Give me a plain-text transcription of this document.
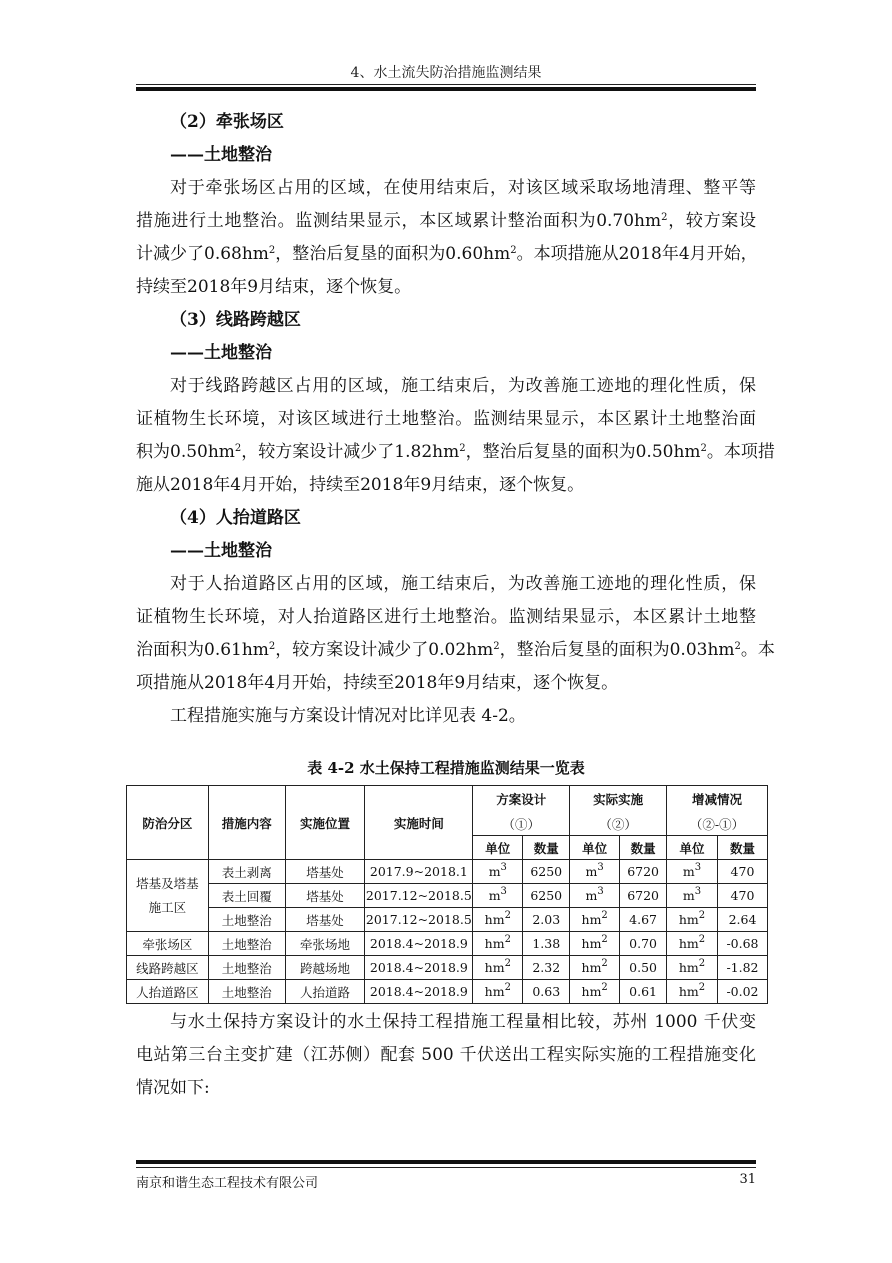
4、水土流失防治措施监测结果
（2）牵张场区
——土地整治
对于牵张场区占用的区域，在使用结束后，对该区域采取场地清理、整平等
措施进行土地整治。监测结果显示，本区域累计整治面积为$0.70hm^2$，较方案设
计减少了$0.68hm^2$，整治后复垦的面积为$0.60hm^2$。本项措施从2018年4月开始，
持续至2018年9月结束，逐个恢复。
（3）线路跨越区
——土地整治
对于线路跨越区占用的区域，施工结束后，为改善施工迹地的理化性质，保
证植物生长环境，对该区域进行土地整治。监测结果显示，本区累计土地整治面
积为$0.50hm^2$，较方案设计减少了$1.82hm^2$，整治后复垦的面积为$0.50hm^2$。本项措
施从2018年4月开始，持续至2018年9月结束，逐个恢复。
（4）人抬道路区
——土地整治
对于人抬道路区占用的区域，施工结束后，为改善施工迹地的理化性质，保
证植物生长环境，对人抬道路区进行土地整治。监测结果显示，本区累计土地整
治面积为$0.61hm^2$，较方案设计减少了$0.02hm^2$，整治后复垦的面积为$0.03hm^2$。本
项措施从2018年4月开始，持续至2018年9月结束，逐个恢复。
工程措施实施与方案设计情况对比详见表 4-2。
表 4-2 水土保持工程措施监测结果一览表
防治分区	措施内容	实施位置	实施时间	方案设计		实际实施		增减情况	
				（①）		（②）		（②-①）	
				单位	数量	单位	数量	单位	数量
塔基及塔基施工区	表土剥离	塔基处	2017.9~2018.1	$m^3$	6250	$m^3$	6720	$m^3$	470
	表土回覆	塔基处	2017.12~2018.5	$m^3$	6250	$m^3$	6720	$m^3$	470
	土地整治	塔基处	2017.12~2018.5	$hm^2$	2.03	$hm^2$	4.67	$hm^2$	2.64
牵张场区	土地整治	牵张场地	2018.4~2018.9	$hm^2$	1.38	$hm^2$	0.70	$hm^2$	-0.68
线路跨越区	土地整治	跨越场地	2018.4~2018.9	$hm^2$	2.32	$hm^2$	0.50	$hm^2$	-1.82
人抬道路区	土地整治	人抬道路	2018.4~2018.9	$hm^2$	0.63	$hm^2$	0.61	$hm^2$	-0.02
与水土保持方案设计的水土保持工程措施工程量相比较，苏州 1000 千伏变
电站第三台主变扩建（江苏侧）配套 500 千伏送出工程实际实施的工程措施变化
情况如下:
南京和谐生态工程技术有限公司	31
